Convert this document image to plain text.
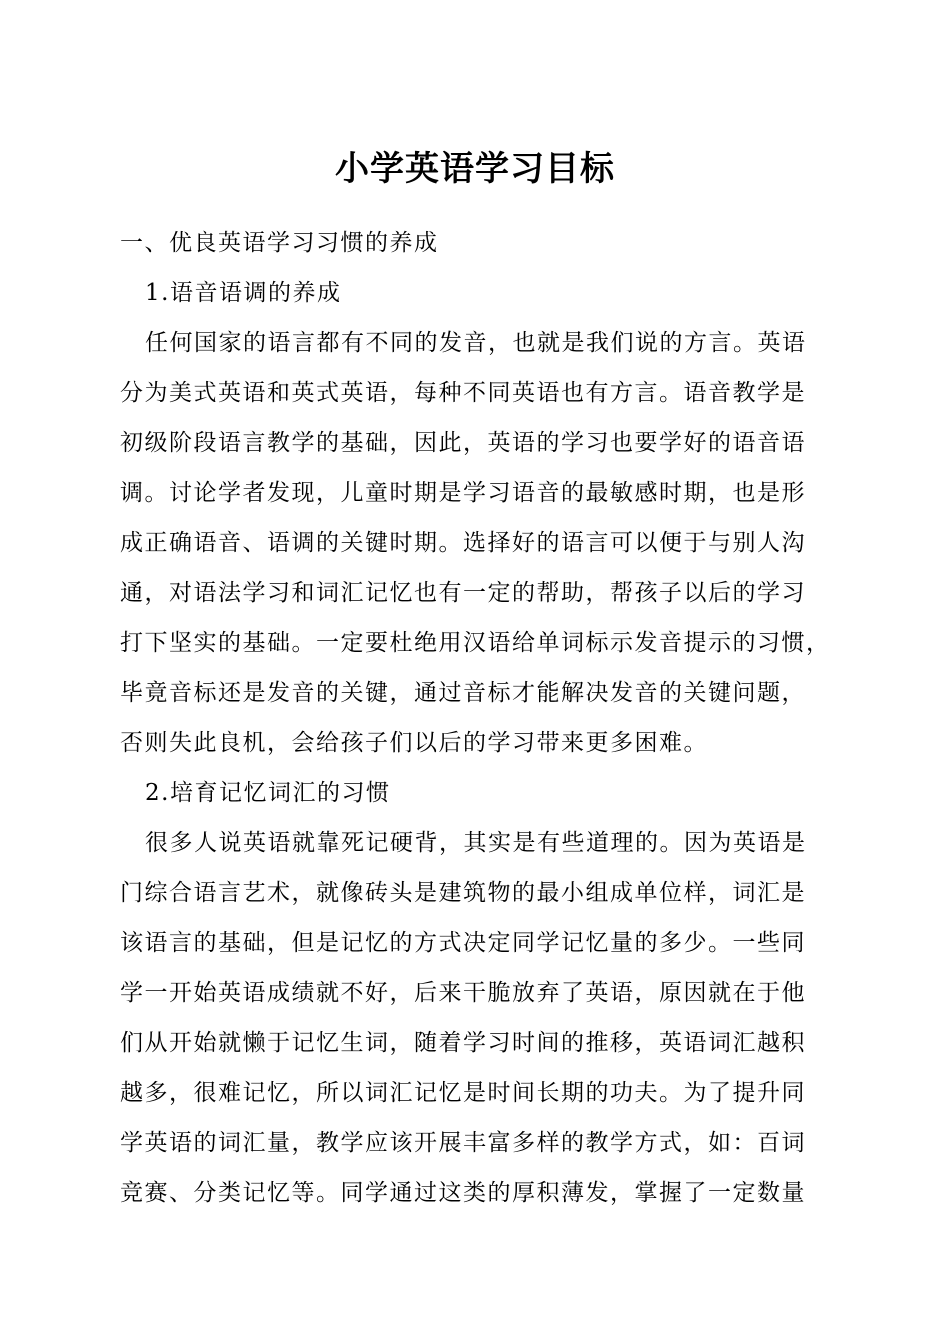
小学英语学习目标
一、优良英语学习习惯的养成
1.语音语调的养成
任何国家的语言都有不同的发音，也就是我们说的方言。英语
分为美式英语和英式英语，每种不同英语也有方言。语音教学是
初级阶段语言教学的基础，因此，英语的学习也要学好的语音语
调。讨论学者发现，儿童时期是学习语音的最敏感时期，也是形
成正确语音、语调的关键时期。选择好的语言可以便于与别人沟
通，对语法学习和词汇记忆也有一定的帮助，帮孩子以后的学习
打下坚实的基础。一定要杜绝用汉语给单词标示发音提示的习惯，
毕竟音标还是发音的关键，通过音标才能解决发音的关键问题，
否则失此良机，会给孩子们以后的学习带来更多困难。
2.培育记忆词汇的习惯
很多人说英语就靠死记硬背，其实是有些道理的。因为英语是
门综合语言艺术，就像砖头是建筑物的最小组成单位样，词汇是
该语言的基础，但是记忆的方式决定同学记忆量的多少。一些同
学一开始英语成绩就不好，后来干脆放弃了英语，原因就在于他
们从开始就懒于记忆生词，随着学习时间的推移，英语词汇越积
越多，很难记忆，所以词汇记忆是时间长期的功夫。为了提升同
学英语的词汇量，教学应该开展丰富多样的教学方式，如：百词
竞赛、分类记忆等。同学通过这类的厚积薄发，掌握了一定数量
